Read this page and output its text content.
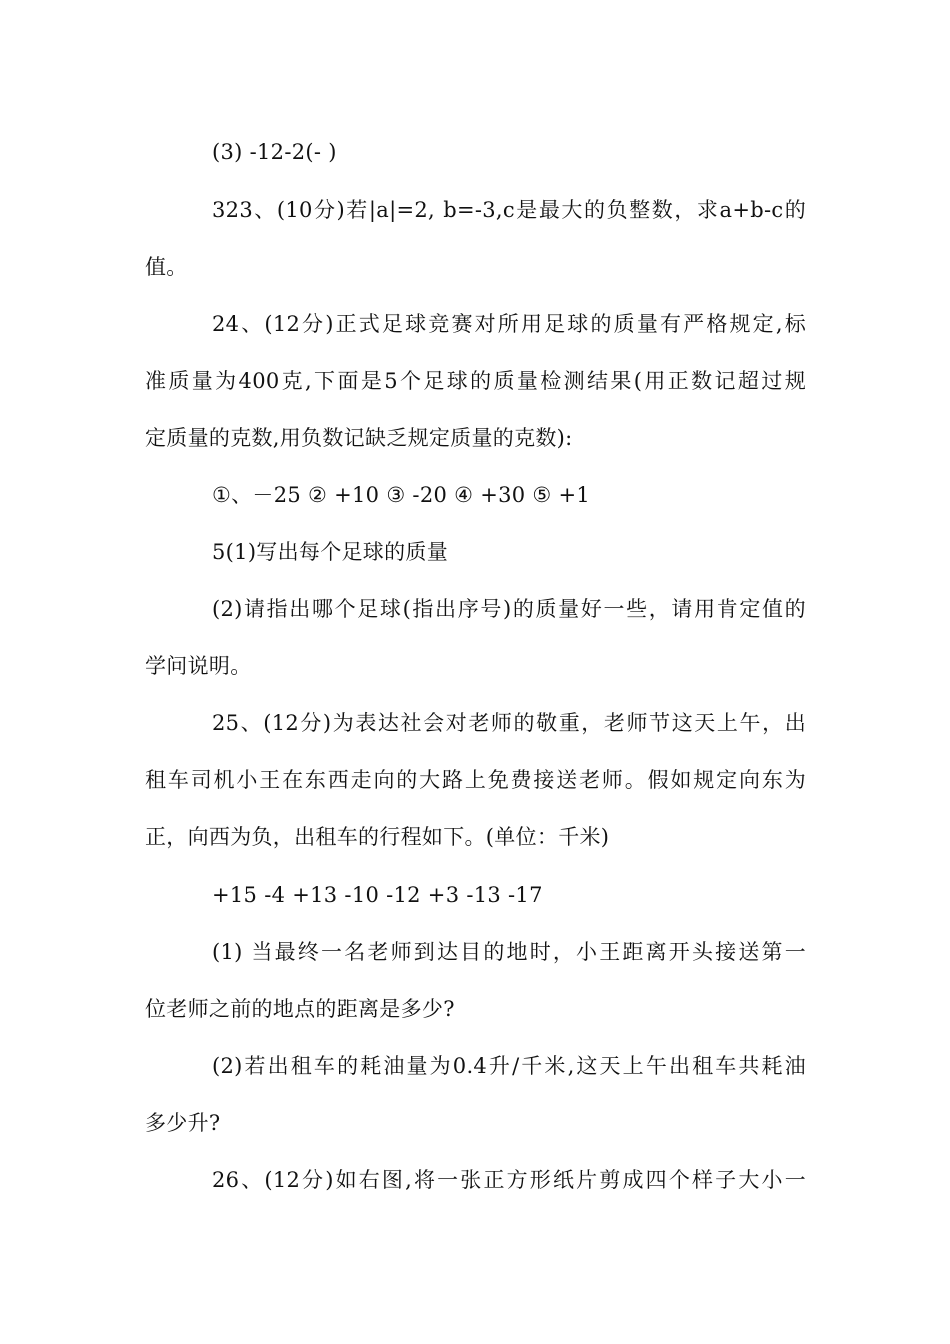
(3) -12-2(- )
323、(10分)若|a|=2, b=-3,c是最大的负整数，求a+b-c的
值。
24、(12分)正式足球竞赛对所用足球的质量有严格规定,标
准质量为400克,下面是5个足球的质量检测结果(用正数记超过规
定质量的克数,用负数记缺乏规定质量的克数):
①、－25 ② +10 ③ -20 ④ +30 ⑤ +1
5(1)写出每个足球的质量
(2)请指出哪个足球(指出序号)的质量好一些，请用肯定值的
学问说明。
25、(12分)为表达社会对老师的敬重，老师节这天上午，出
租车司机小王在东西走向的大路上免费接送老师。假如规定向东为
正，向西为负，出租车的行程如下。(单位：千米)
+15 -4 +13 -10 -12 +3 -13 -17
(1) 当最终一名老师到达目的地时，小王距离开头接送第一
位老师之前的地点的距离是多少?
(2)若出租车的耗油量为0.4升/千米,这天上午出租车共耗油
多少升?
26、(12分)如右图,将一张正方形纸片剪成四个样子大小一
